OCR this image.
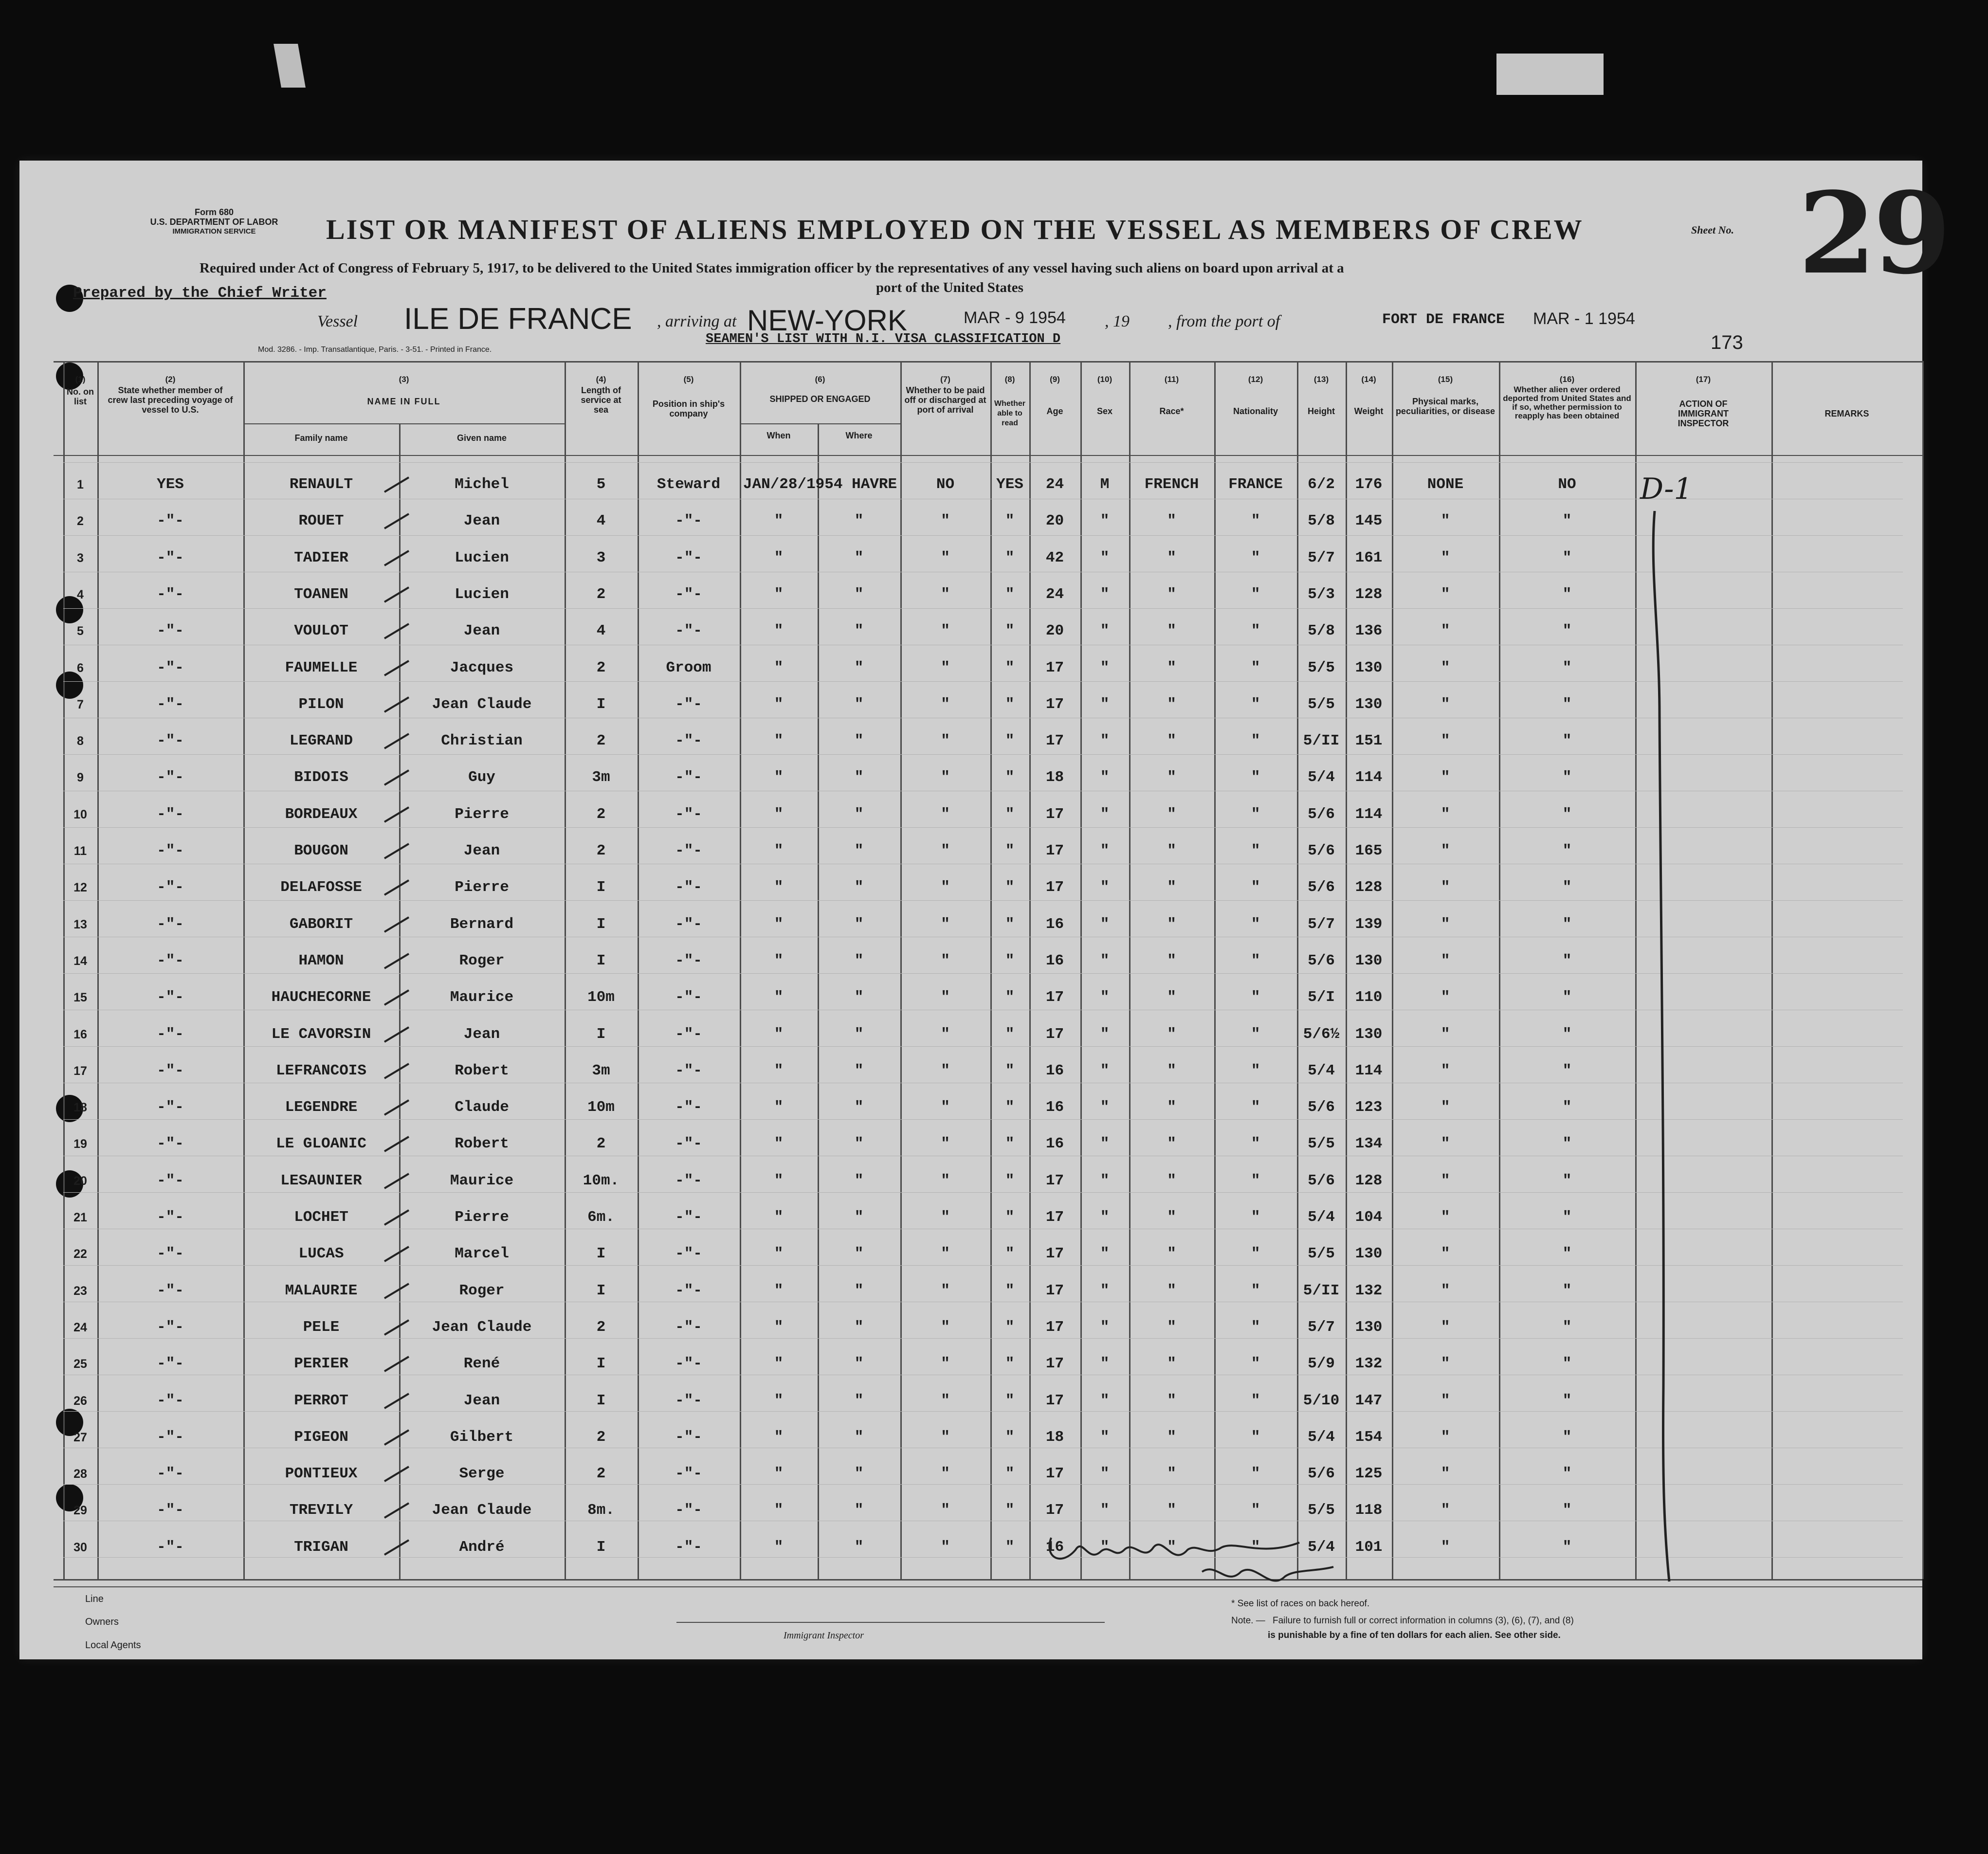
Form 680
U.S. DEPARTMENT OF LABOR
IMMIGRATION SERVICE	LIST OR MANIFEST OF ALIENS EMPLOYED ON THE VESSEL AS MEMBERS OF CREW	Sheet No. 29
Required under Act of Congress of February 5, 1917, to be delivered to the United States immigration officer by the representatives of any vessel having such aliens on board upon arrival at a
port of the United States
Prepared by the Chief Writer
Vessel ILE DE FRANCE , arriving at NEW-YORK	MAR - 9 1954 , 19 , from the port of	FORT DE FRANCE MAR - 1 1954
SEAMEN'S LIST WITH N.I. VISA CLASSIFICATION D	173
Mod. 3286. - Imp. Transatlantique, Paris. - 3-51. - Printed in France.
(1)
No. on list
(2)
State whether member of crew last preceding voyage of vessel to U.S.
(3)
NAME IN FULL
Family name	Given name
(4)
Length of service at sea
(5)
Position in ship's company
(6)
SHIPPED OR ENGAGED
When	Where
(7)
Whether to be paid off or discharged at port of arrival
(8)
Whether able to read
(9)
Age
(10)
Sex
(11)
Race*
(12)
Nationality
(13)
Height
(14)
Weight
(15)
Physical marks, peculiarities, or disease
(16)
Whether alien ever ordered deported from United States and if so, whether permission to reapply has been obtained
(17)
ACTION OF IMMIGRANT INSPECTOR
REMARKS
1	YES	RENAULT	Michel	5	Steward	JAN/28/1954 HAVRE	NO	YES	24	M	FRENCH	FRANCE	6/2	176	NONE	NO
2	-"-	ROUET	Jean	4	-"-	"	"	"	"	20	"	"	"	5/8	145	"	"
3	-"-	TADIER	Lucien	3	-"-	"	"	"	"	42	"	"	"	5/7	161	"	"
4	-"-	TOANEN	Lucien	2	-"-	"	"	"	"	24	"	"	"	5/3	128	"	"
5	-"-	VOULOT	Jean	4	-"-	"	"	"	"	20	"	"	"	5/8	136	"	"
6	-"-	FAUMELLE	Jacques	2	Groom	"	"	"	"	17	"	"	"	5/5	130	"	"
7	-"-	PILON	Jean Claude	I	-"-	"	"	"	"	17	"	"	"	5/5	130	"	"
8	-"-	LEGRAND	Christian	2	-"-	"	"	"	"	17	"	"	"	5/II	151	"	"
9	-"-	BIDOIS	Guy	3m	-"-	"	"	"	"	18	"	"	"	5/4	114	"	"
10	-"-	BORDEAUX	Pierre	2	-"-	"	"	"	"	17	"	"	"	5/6	114	"	"
11	-"-	BOUGON	Jean	2	-"-	"	"	"	"	17	"	"	"	5/6	165	"	"
12	-"-	DELAFOSSE	Pierre	I	-"-	"	"	"	"	17	"	"	"	5/6	128	"	"
13	-"-	GABORIT	Bernard	I	-"-	"	"	"	"	16	"	"	"	5/7	139	"	"
14	-"-	HAMON	Roger	I	-"-	"	"	"	"	16	"	"	"	5/6	130	"	"
15	-"-	HAUCHECORNE	Maurice	10m	-"-	"	"	"	"	17	"	"	"	5/I	110	"	"
16	-"-	LE CAVORSIN	Jean	I	-"-	"	"	"	"	17	"	"	"	5/6½	130	"	"
17	-"-	LEFRANCOIS	Robert	3m	-"-	"	"	"	"	16	"	"	"	5/4	114	"	"
18	-"-	LEGENDRE	Claude	10m	-"-	"	"	"	"	16	"	"	"	5/6	123	"	"
19	-"-	LE GLOANIC	Robert	2	-"-	"	"	"	"	16	"	"	"	5/5	134	"	"
20	-"-	LESAUNIER	Maurice	10m.	-"-	"	"	"	"	17	"	"	"	5/6	128	"	"
21	-"-	LOCHET	Pierre	6m.	-"-	"	"	"	"	17	"	"	"	5/4	104	"	"
22	-"-	LUCAS	Marcel	I	-"-	"	"	"	"	17	"	"	"	5/5	130	"	"
23	-"-	MALAURIE	Roger	I	-"-	"	"	"	"	17	"	"	"	5/II	132	"	"
24	-"-	PELE	Jean Claude	2	-"-	"	"	"	"	17	"	"	"	5/7	130	"	"
25	-"-	PERIER	René	I	-"-	"	"	"	"	17	"	"	"	5/9	132	"	"
26	-"-	PERROT	Jean	I	-"-	"	"	"	"	17	"	"	"	5/10	147	"	"
27	-"-	PIGEON	Gilbert	2	-"-	"	"	"	"	18	"	"	"	5/4	154	"	"
28	-"-	PONTIEUX	Serge	2	-"-	"	"	"	"	17	"	"	"	5/6	125	"	"
29	-"-	TREVILY	Jean Claude	8m.	-"-	"	"	"	"	17	"	"	"	5/5	118	"	"
30	-"-	TRIGAN	André	I	-"-	"	"	"	"	16	"	"	"	5/4	101	"	"
D-1
Line
Owners
Local Agents
Immigrant Inspector
* See list of races on back hereof.
Note. — Failure to furnish full or correct information in columns (3), (6), (7), and (8)
is punishable by a fine of ten dollars for each alien. See other side.
